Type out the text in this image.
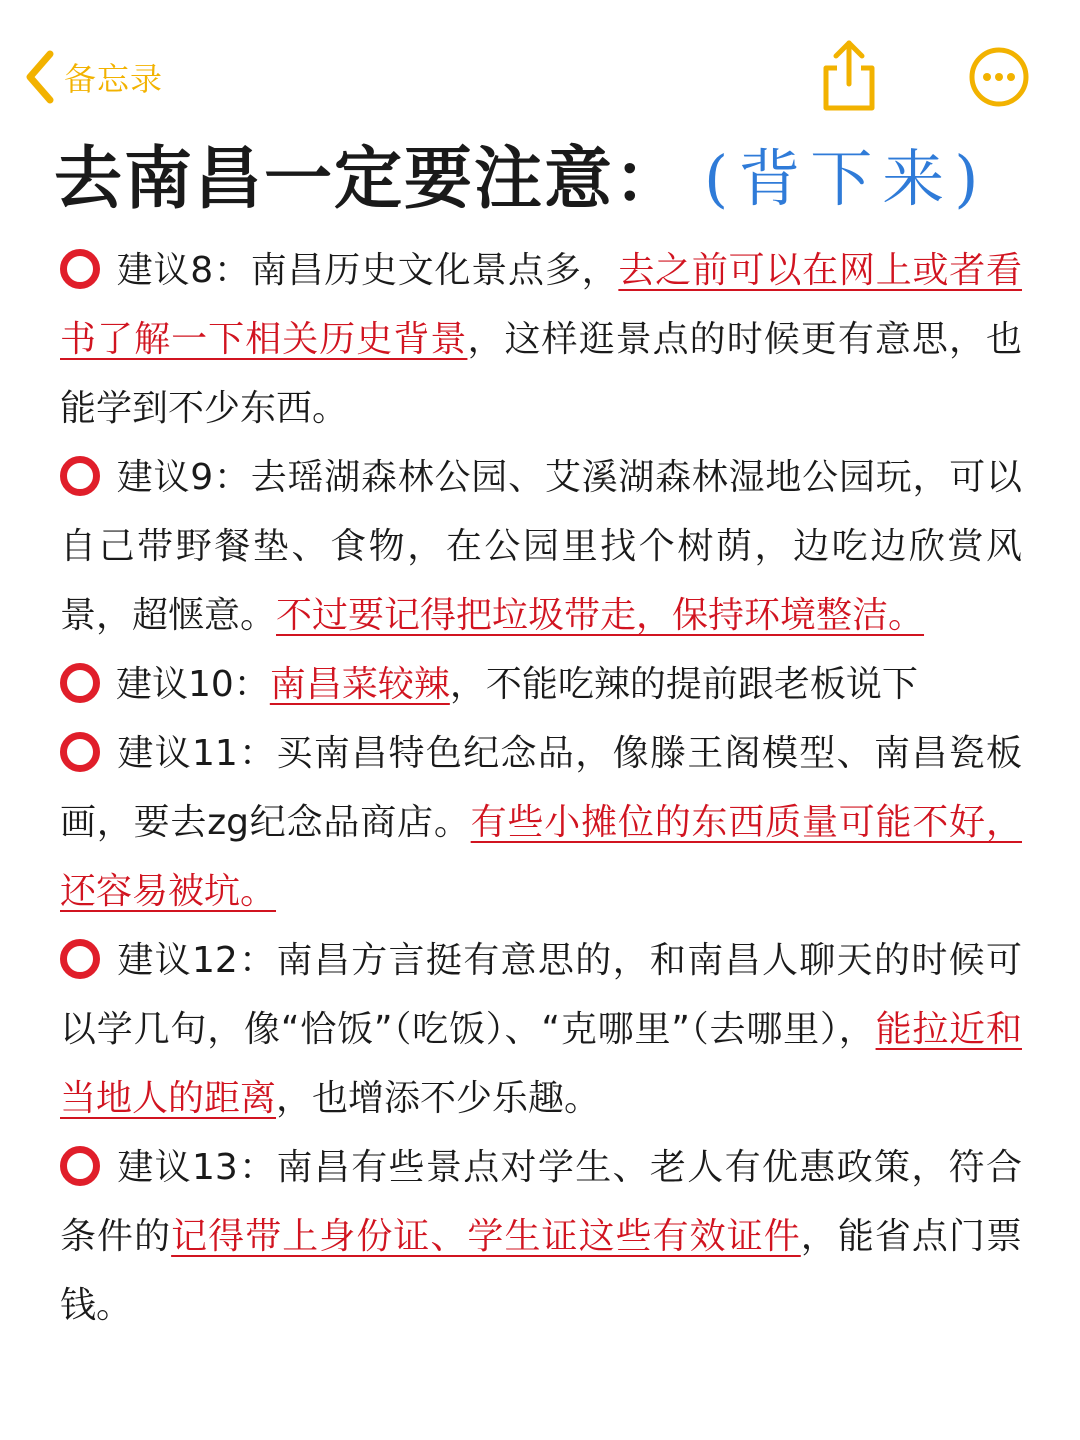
备忘录
去南昌一定要注意： (背下来)

建议8：南昌历史文化景点多，去之前可以在网上或者看书了解一下相关历史背景，这样逛景点的时候更有意思，也能学到不少东西。

建议9：去瑶湖森林公园、艾溪湖森林湿地公园玩，可以自己带野餐垫、食物，在公园里找个树荫，边吃边欣赏风景，超惬意。不过要记得把垃圾带走，保持环境整洁。

建议10：南昌菜较辣，不能吃辣的提前跟老板说下

建议11：买南昌特色纪念品，像滕王阁模型、南昌瓷板画，要去zg纪念品商店。有些小摊位的东西质量可能不好，还容易被坑。

建议12：南昌方言挺有意思的，和南昌人聊天的时候可以学几句，像“恰饭”（吃饭）、“克哪里”（去哪里），能拉近和当地人的距离，也增添不少乐趣。

建议13：南昌有些景点对学生、老人有优惠政策，符合条件的记得带上身份证、学生证这些有效证件，能省点门票钱。
